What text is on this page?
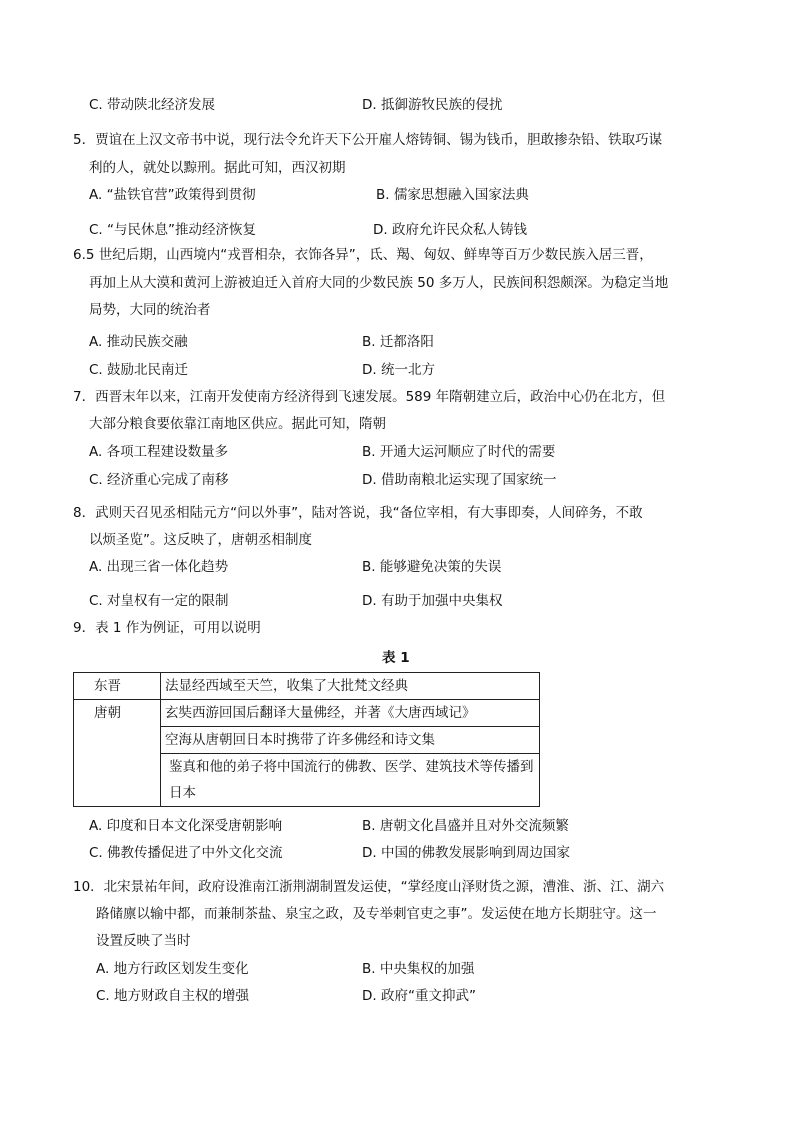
C. 带动陕北经济发展	D. 抵御游牧民族的侵扰
5．贾谊在上汉文帝书中说，现行法令允许天下公开雇人熔铸铜、锡为钱币，胆敢掺杂铅、铁取巧谋
利的人，就处以黥刑。据此可知，西汉初期
A. “盐铁官营”政策得到贯彻	B. 儒家思想融入国家法典
C. “与民休息”推动经济恢复	D. 政府允许民众私人铸钱
6.5 世纪后期，山西境内“戎晋相杂，衣饰各异”，氐、羯、匈奴、鲜卑等百万少数民族入居三晋，
再加上从大漠和黄河上游被迫迁入首府大同的少数民族 50 多万人，民族间积怨颇深。为稳定当地
局势，大同的统治者
A. 推动民族交融	B. 迁都洛阳
C. 鼓励北民南迁	D. 统一北方
7．西晋末年以来，江南开发使南方经济得到飞速发展。589 年隋朝建立后，政治中心仍在北方，但
大部分粮食要依靠江南地区供应。据此可知，隋朝
A. 各项工程建设数量多	B. 开通大运河顺应了时代的需要
C. 经济重心完成了南移	D. 借助南粮北运实现了国家统一
8．武则天召见丞相陆元方“问以外事”，陆对答说，我“备位宰相，有大事即奏，人间碎务，不敢
以烦圣览”。这反映了，唐朝丞相制度
A. 出现三省一体化趋势	B. 能够避免决策的失误
C. 对皇权有一定的限制	D. 有助于加强中央集权
9．表 1 作为例证，可用以说明
表 1
东晋	法显经西域至天竺，收集了大批梵文经典
唐朝	玄奘西游回国后翻译大量佛经，并著《大唐西域记》
	空海从唐朝回日本时携带了许多佛经和诗文集
	鉴真和他的弟子将中国流行的佛教、医学、建筑技术等传播到日本
A. 印度和日本文化深受唐朝影响	B. 唐朝文化昌盛并且对外交流频繁
C. 佛教传播促进了中外文化交流	D. 中国的佛教发展影响到周边国家
10．北宋景祐年间，政府设淮南江浙荆湖制置发运使，“掌经度山泽财货之源，漕淮、浙、江、湖六
路储廪以输中都，而兼制茶盐、泉宝之政，及专举刺官吏之事”。发运使在地方长期驻守。这一
设置反映了当时
A. 地方行政区划发生变化	B. 中央集权的加强
C. 地方财政自主权的增强	D. 政府“重文抑武”
